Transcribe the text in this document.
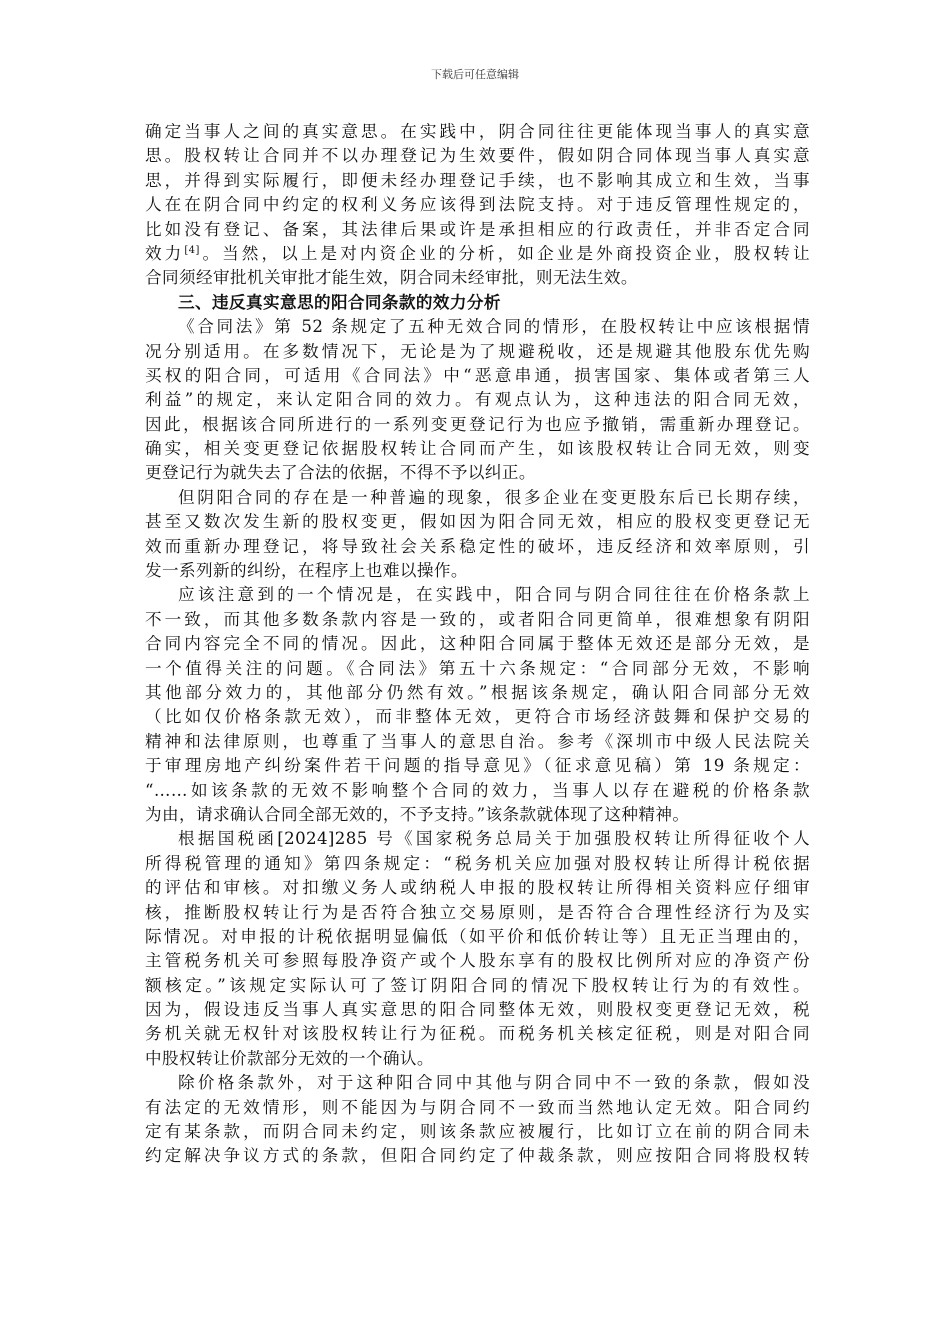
下载后可任意编辑
确定当事人之间的真实意思。在实践中，阴合同往往更能体现当事人的真实意
思。股权转让合同并不以办理登记为生效要件，假如阴合同体现当事人真实意
思，并得到实际履行，即便未经办理登记手续，也不影响其成立和生效，当事
人在在阴合同中约定的权利义务应该得到法院支持。对于违反管理性规定的，
比如没有登记、备案，其法律后果或许是承担相应的行政责任，并非否定合同
效力[4]。当然，以上是对内资企业的分析，如企业是外商投资企业，股权转让
合同须经审批机关审批才能生效，阴合同未经审批，则无法生效。
三、违反真实意思的阳合同条款的效力分析
《合同法》第 52 条规定了五种无效合同的情形，在股权转让中应该根据情
况分别适用。在多数情况下，无论是为了规避税收，还是规避其他股东优先购
买权的阳合同，可适用《合同法》中“恶意串通，损害国家、集体或者第三人
利益”的规定，来认定阳合同的效力。有观点认为，这种违法的阳合同无效，
因此，根据该合同所进行的一系列变更登记行为也应予撤销，需重新办理登记。
确实，相关变更登记依据股权转让合同而产生，如该股权转让合同无效，则变
更登记行为就失去了合法的依据，不得不予以纠正。
但阴阳合同的存在是一种普遍的现象，很多企业在变更股东后已长期存续，
甚至又数次发生新的股权变更，假如因为阳合同无效，相应的股权变更登记无
效而重新办理登记，将导致社会关系稳定性的破坏，违反经济和效率原则，引
发一系列新的纠纷，在程序上也难以操作。
应该注意到的一个情况是，在实践中，阳合同与阴合同往往在价格条款上
不一致，而其他多数条款内容是一致的，或者阳合同更简单，很难想象有阴阳
合同内容完全不同的情况。因此，这种阳合同属于整体无效还是部分无效，是
一个值得关注的问题。《合同法》第五十六条规定：“合同部分无效，不影响
其他部分效力的，其他部分仍然有效。”根据该条规定，确认阳合同部分无效
（比如仅价格条款无效），而非整体无效，更符合市场经济鼓舞和保护交易的
精神和法律原则，也尊重了当事人的意思自治。参考《深圳市中级人民法院关
于审理房地产纠纷案件若干问题的指导意见》（征求意见稿）第 19 条规定：
“……如该条款的无效不影响整个合同的效力，当事人以存在避税的价格条款
为由，请求确认合同全部无效的，不予支持。”该条款就体现了这种精神。
根据国税函[2024]285 号《国家税务总局关于加强股权转让所得征收个人
所得税管理的通知》第四条规定：“税务机关应加强对股权转让所得计税依据
的评估和审核。对扣缴义务人或纳税人申报的股权转让所得相关资料应仔细审
核，推断股权转让行为是否符合独立交易原则，是否符合合理性经济行为及实
际情况。对申报的计税依据明显偏低（如平价和低价转让等）且无正当理由的，
主管税务机关可参照每股净资产或个人股东享有的股权比例所对应的净资产份
额核定。”该规定实际认可了签订阴阳合同的情况下股权转让行为的有效性。
因为，假设违反当事人真实意思的阳合同整体无效，则股权变更登记无效，税
务机关就无权针对该股权转让行为征税。而税务机关核定征税，则是对阳合同
中股权转让价款部分无效的一个确认。
除价格条款外，对于这种阳合同中其他与阴合同中不一致的条款，假如没
有法定的无效情形，则不能因为与阴合同不一致而当然地认定无效。阳合同约
定有某条款，而阴合同未约定，则该条款应被履行，比如订立在前的阴合同未
约定解决争议方式的条款，但阳合同约定了仲裁条款，则应按阳合同将股权转
